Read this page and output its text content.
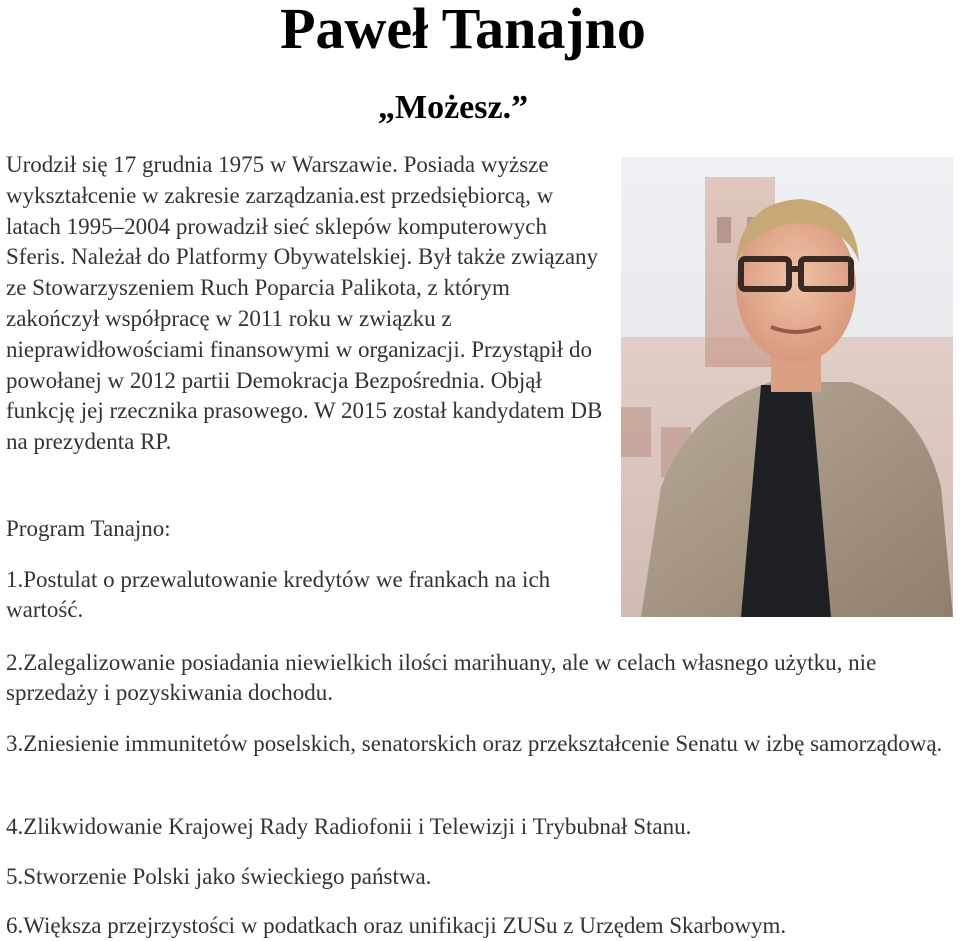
Paweł Tanajno
„Możesz.”

Urodził się 17 grudnia 1975 w Warszawie. Posiada wyższe wykształcenie w zakresie zarządzania.est przedsiębiorcą, w latach 1995–2004 prowadził sieć sklepów komputerowych Sferis. Należał do Platformy Obywatelskiej. Był także związany ze Stowarzyszeniem Ruch Poparcia Palikota, z którym zakończył współpracę w 2011 roku w związku z nieprawidłowościami finansowymi w organizacji. Przystąpił do powołanej w 2012 partii Demokracja Bezpośrednia. Objął funkcję jej rzecznika prasowego. W 2015 został kandydatem DB na prezydenta RP.

Program Tanajno:

1.Postulat o przewalutowanie kredytów we frankach na ich wartość.

2.Zalegalizowanie posiadania niewielkich ilości marihuany, ale w celach własnego użytku, nie sprzedaży i pozyskiwania dochodu.

3.Zniesienie immunitetów poselskich, senatorskich oraz przekształcenie Senatu w izbę samorządową.

4.Zlikwidowanie Krajowej Rady Radiofonii i Telewizji i Trybubnał Stanu.

5.Stworzenie Polski jako świeckiego państwa.

6.Większa przejrzystości w podatkach oraz unifikacji ZUSu z Urzędem Skarbowym.
